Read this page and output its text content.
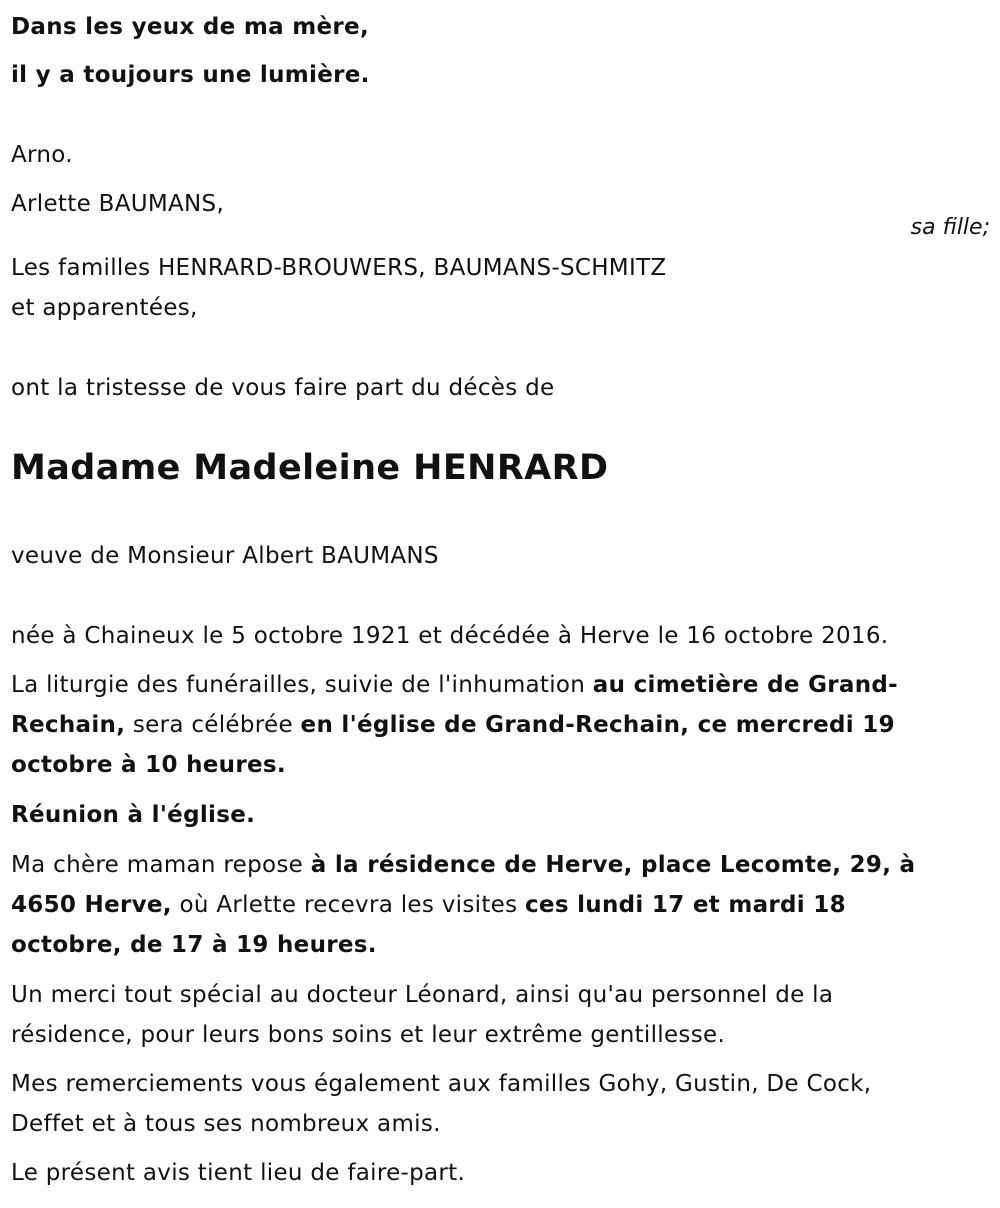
Dans les yeux de ma mère,
il y a toujours une lumière.
Arno.
Arlette BAUMANS,
sa fille;
Les familles HENRARD-BROUWERS, BAUMANS-SCHMITZ
et apparentées,
ont la tristesse de vous faire part du décès de
Madame Madeleine HENRARD
veuve de Monsieur Albert BAUMANS
née à Chaineux le 5 octobre 1921 et décédée à Herve le 16 octobre 2016.
La liturgie des funérailles, suivie de l'inhumation au cimetière de Grand-
Rechain, sera célébrée en l'église de Grand-Rechain, ce mercredi 19
octobre à 10 heures.
Réunion à l'église.
Ma chère maman repose à la résidence de Herve, place Lecomte, 29, à
4650 Herve, où Arlette recevra les visites ces lundi 17 et mardi 18
octobre, de 17 à 19 heures.
Un merci tout spécial au docteur Léonard, ainsi qu'au personnel de la
résidence, pour leurs bons soins et leur extrême gentillesse.
Mes remerciements vous également aux familles Gohy, Gustin, De Cock,
Deffet et à tous ses nombreux amis.
Le présent avis tient lieu de faire-part.
